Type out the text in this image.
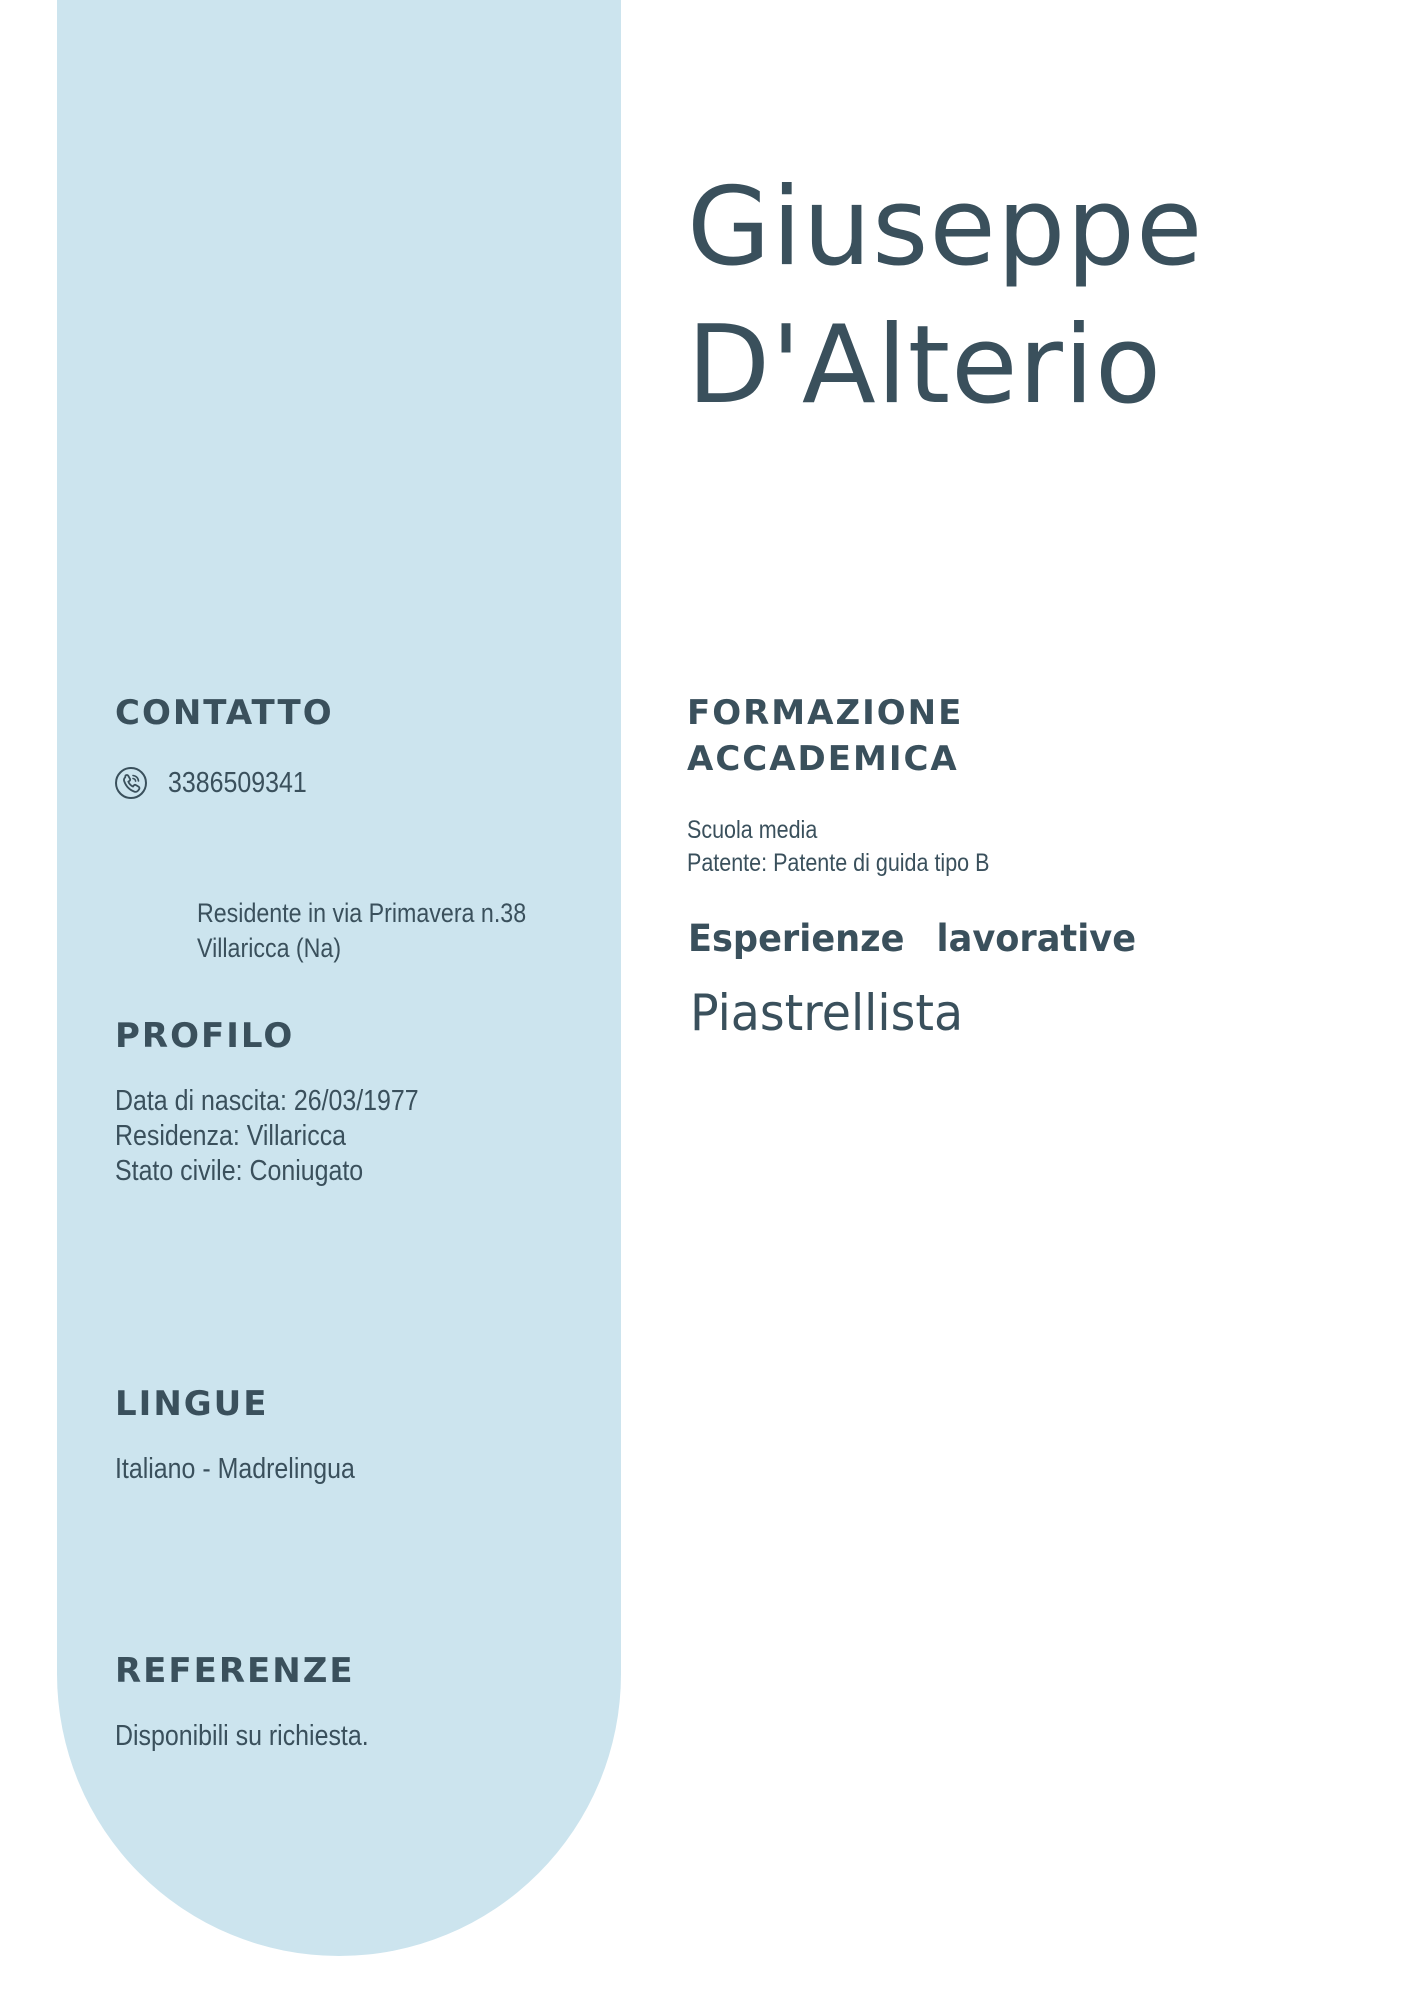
Giuseppe
D'Alterio
CONTATTO
3386509341
Residente in via Primavera n.38
Villaricca (Na)
PROFILO
Data di nascita: 26/03/1977
Residenza: Villaricca
Stato civile: Coniugato
LINGUE
Italiano - Madrelingua
REFERENZE
Disponibili su richiesta.
FORMAZIONE
ACCADEMICA
Scuola media
Patente: Patente di guida tipo B
Esperienze  lavorative
Piastrellista
